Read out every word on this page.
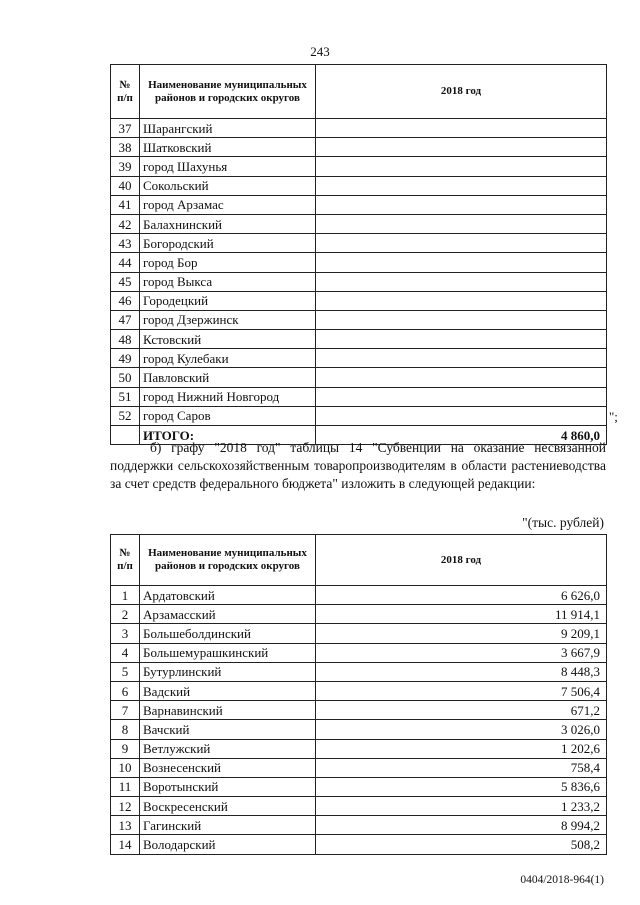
243
№ п/п	Наименование муниципальных районов и городских округов	2018 год
37	Шарангский	
38	Шатковский	
39	город Шахунья	
40	Сокольский	
41	город Арзамас	
42	Балахнинский	
43	Богородский	
44	город Бор	
45	город Выкса	
46	Городецкий	
47	город Дзержинск	
48	Кстовский	
49	город Кулебаки	
50	Павловский	
51	город Нижний Новгород	
52	город Саров	
	ИТОГО:	4 860,0
";
б) графу "2018 год" таблицы 14 "Субвенции на оказание несвязанной поддержки сельскохозяйственным товаропроизводителям в области растениеводства за счет средств федерального бюджета" изложить в следующей редакции:
"(тыс. рублей)
№ п/п	Наименование муниципальных районов и городских округов	2018 год
1	Ардатовский	6 626,0
2	Арзамасский	11 914,1
3	Большеболдинский	9 209,1
4	Большемурашкинский	3 667,9
5	Бутурлинский	8 448,3
6	Вадский	7 506,4
7	Варнавинский	671,2
8	Вачский	3 026,0
9	Ветлужский	1 202,6
10	Вознесенский	758,4
11	Воротынский	5 836,6
12	Воскресенский	1 233,2
13	Гагинский	8 994,2
14	Володарский	508,2
0404/2018-964(1)
